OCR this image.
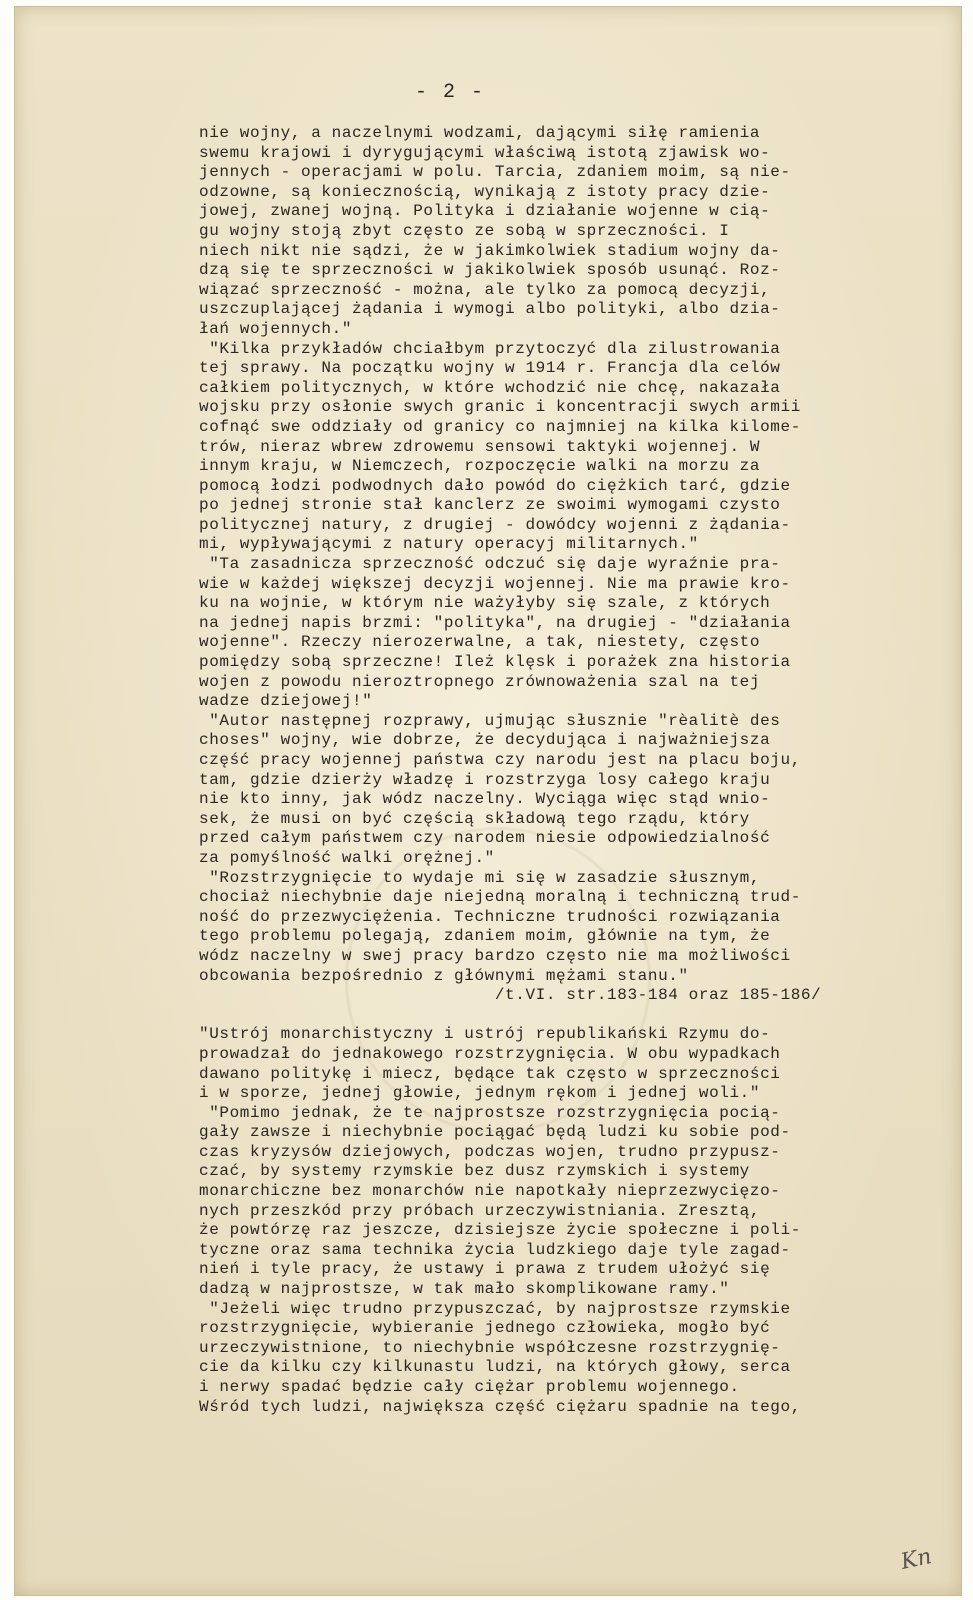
- 2 -
nie wojny, a naczelnymi wodzami, dającymi siłę ramienia
swemu krajowi i dyrygującymi właściwą istotą zjawisk wo-
jennych - operacjami w polu. Tarcia, zdaniem moim, są nie-
odzowne, są koniecznością, wynikają z istoty pracy dzie-
jowej, zwanej wojną. Polityka i działanie wojenne w cią-
gu wojny stoją zbyt często ze sobą w sprzeczności. I
niech nikt nie sądzi, że w jakimkolwiek stadium wojny da-
dzą się te sprzeczności w jakikolwiek sposób usunąć. Roz-
wiązać sprzeczność - można, ale tylko za pomocą decyzji,
uszczuplającej żądania i wymogi albo polityki, albo dzia-
łań wojennych."
"Kilka przykładów chciałbym przytoczyć dla zilustrowania
tej sprawy. Na początku wojny w 1914 r. Francja dla celów
całkiem politycznych, w które wchodzić nie chcę, nakazała
wojsku przy osłonie swych granic i koncentracji swych armii
cofnąć swe oddziały od granicy co najmniej na kilka kilome-
trów, nieraz wbrew zdrowemu sensowi taktyki wojennej. W
innym kraju, w Niemczech, rozpoczęcie walki na morzu za
pomocą łodzi podwodnych dało powód do ciężkich tarć, gdzie
po jednej stronie stał kanclerz ze swoimi wymogami czysto
politycznej natury, z drugiej - dowódcy wojenni z żądania-
mi, wypływającymi z natury operacyj militarnych."
"Ta zasadnicza sprzeczność odczuć się daje wyraźnie pra-
wie w każdej większej decyzji wojennej. Nie ma prawie kro-
ku na wojnie, w którym nie ważyłyby się szale, z których
na jednej napis brzmi: "polityka", na drugiej - "działania
wojenne". Rzeczy nierozerwalne, a tak, niestety, często
pomiędzy sobą sprzeczne! Ileż klęsk i porażek zna historia
wojen z powodu nieroztropnego zrównoważenia szal na tej
wadze dziejowej!"
"Autor następnej rozprawy, ujmując słusznie "rèalitè des
choses" wojny, wie dobrze, że decydująca i najważniejsza
część pracy wojennej państwa czy narodu jest na placu boju,
tam, gdzie dzierży władzę i rozstrzyga losy całego kraju
nie kto inny, jak wódz naczelny. Wyciąga więc stąd wnio-
sek, że musi on być częścią składową tego rządu, który
przed całym państwem czy narodem niesie odpowiedzialność
za pomyślność walki orężnej."
"Rozstrzygnięcie to wydaje mi się w zasadzie słusznym,
chociaż niechybnie daje niejedną moralną i techniczną trud-
ność do przezwyciężenia. Techniczne trudności rozwiązania
tego problemu polegają, zdaniem moim, głównie na tym, że
wódz naczelny w swej pracy bardzo często nie ma możliwości
obcowania bezpośrednio z głównymi mężami stanu."
/t.VI. str.183-184 oraz 185-186/
"Ustrój monarchistyczny i ustrój republikański Rzymu do-
prowadzał do jednakowego rozstrzygnięcia. W obu wypadkach
dawano politykę i miecz, będące tak często w sprzeczności
i w sporze, jednej głowie, jednym rękom i jednej woli."
"Pomimo jednak, że te najprostsze rozstrzygnięcia pocią-
gały zawsze i niechybnie pociągać będą ludzi ku sobie pod-
czas kryzysów dziejowych, podczas wojen, trudno przypusz-
czać, by systemy rzymskie bez dusz rzymskich i systemy
monarchiczne bez monarchów nie napotkały nieprzezwycięzo-
nych przeszkód przy próbach urzeczywistniania. Zresztą,
że powtórzę raz jeszcze, dzisiejsze życie społeczne i poli-
tyczne oraz sama technika życia ludzkiego daje tyle zagad-
nień i tyle pracy, że ustawy i prawa z trudem ułożyć się
dadzą w najprostsze, w tak mało skomplikowane ramy."
"Jeżeli więc trudno przypuszczać, by najprostsze rzymskie
rozstrzygnięcie, wybieranie jednego człowieka, mogło być
urzeczywistnione, to niechybnie współczesne rozstrzygnię-
cie da kilku czy kilkunastu ludzi, na których głowy, serca
i nerwy spadać będzie cały ciężar problemu wojennego.
Wśród tych ludzi, największa część ciężaru spadnie na tego,
Kn
